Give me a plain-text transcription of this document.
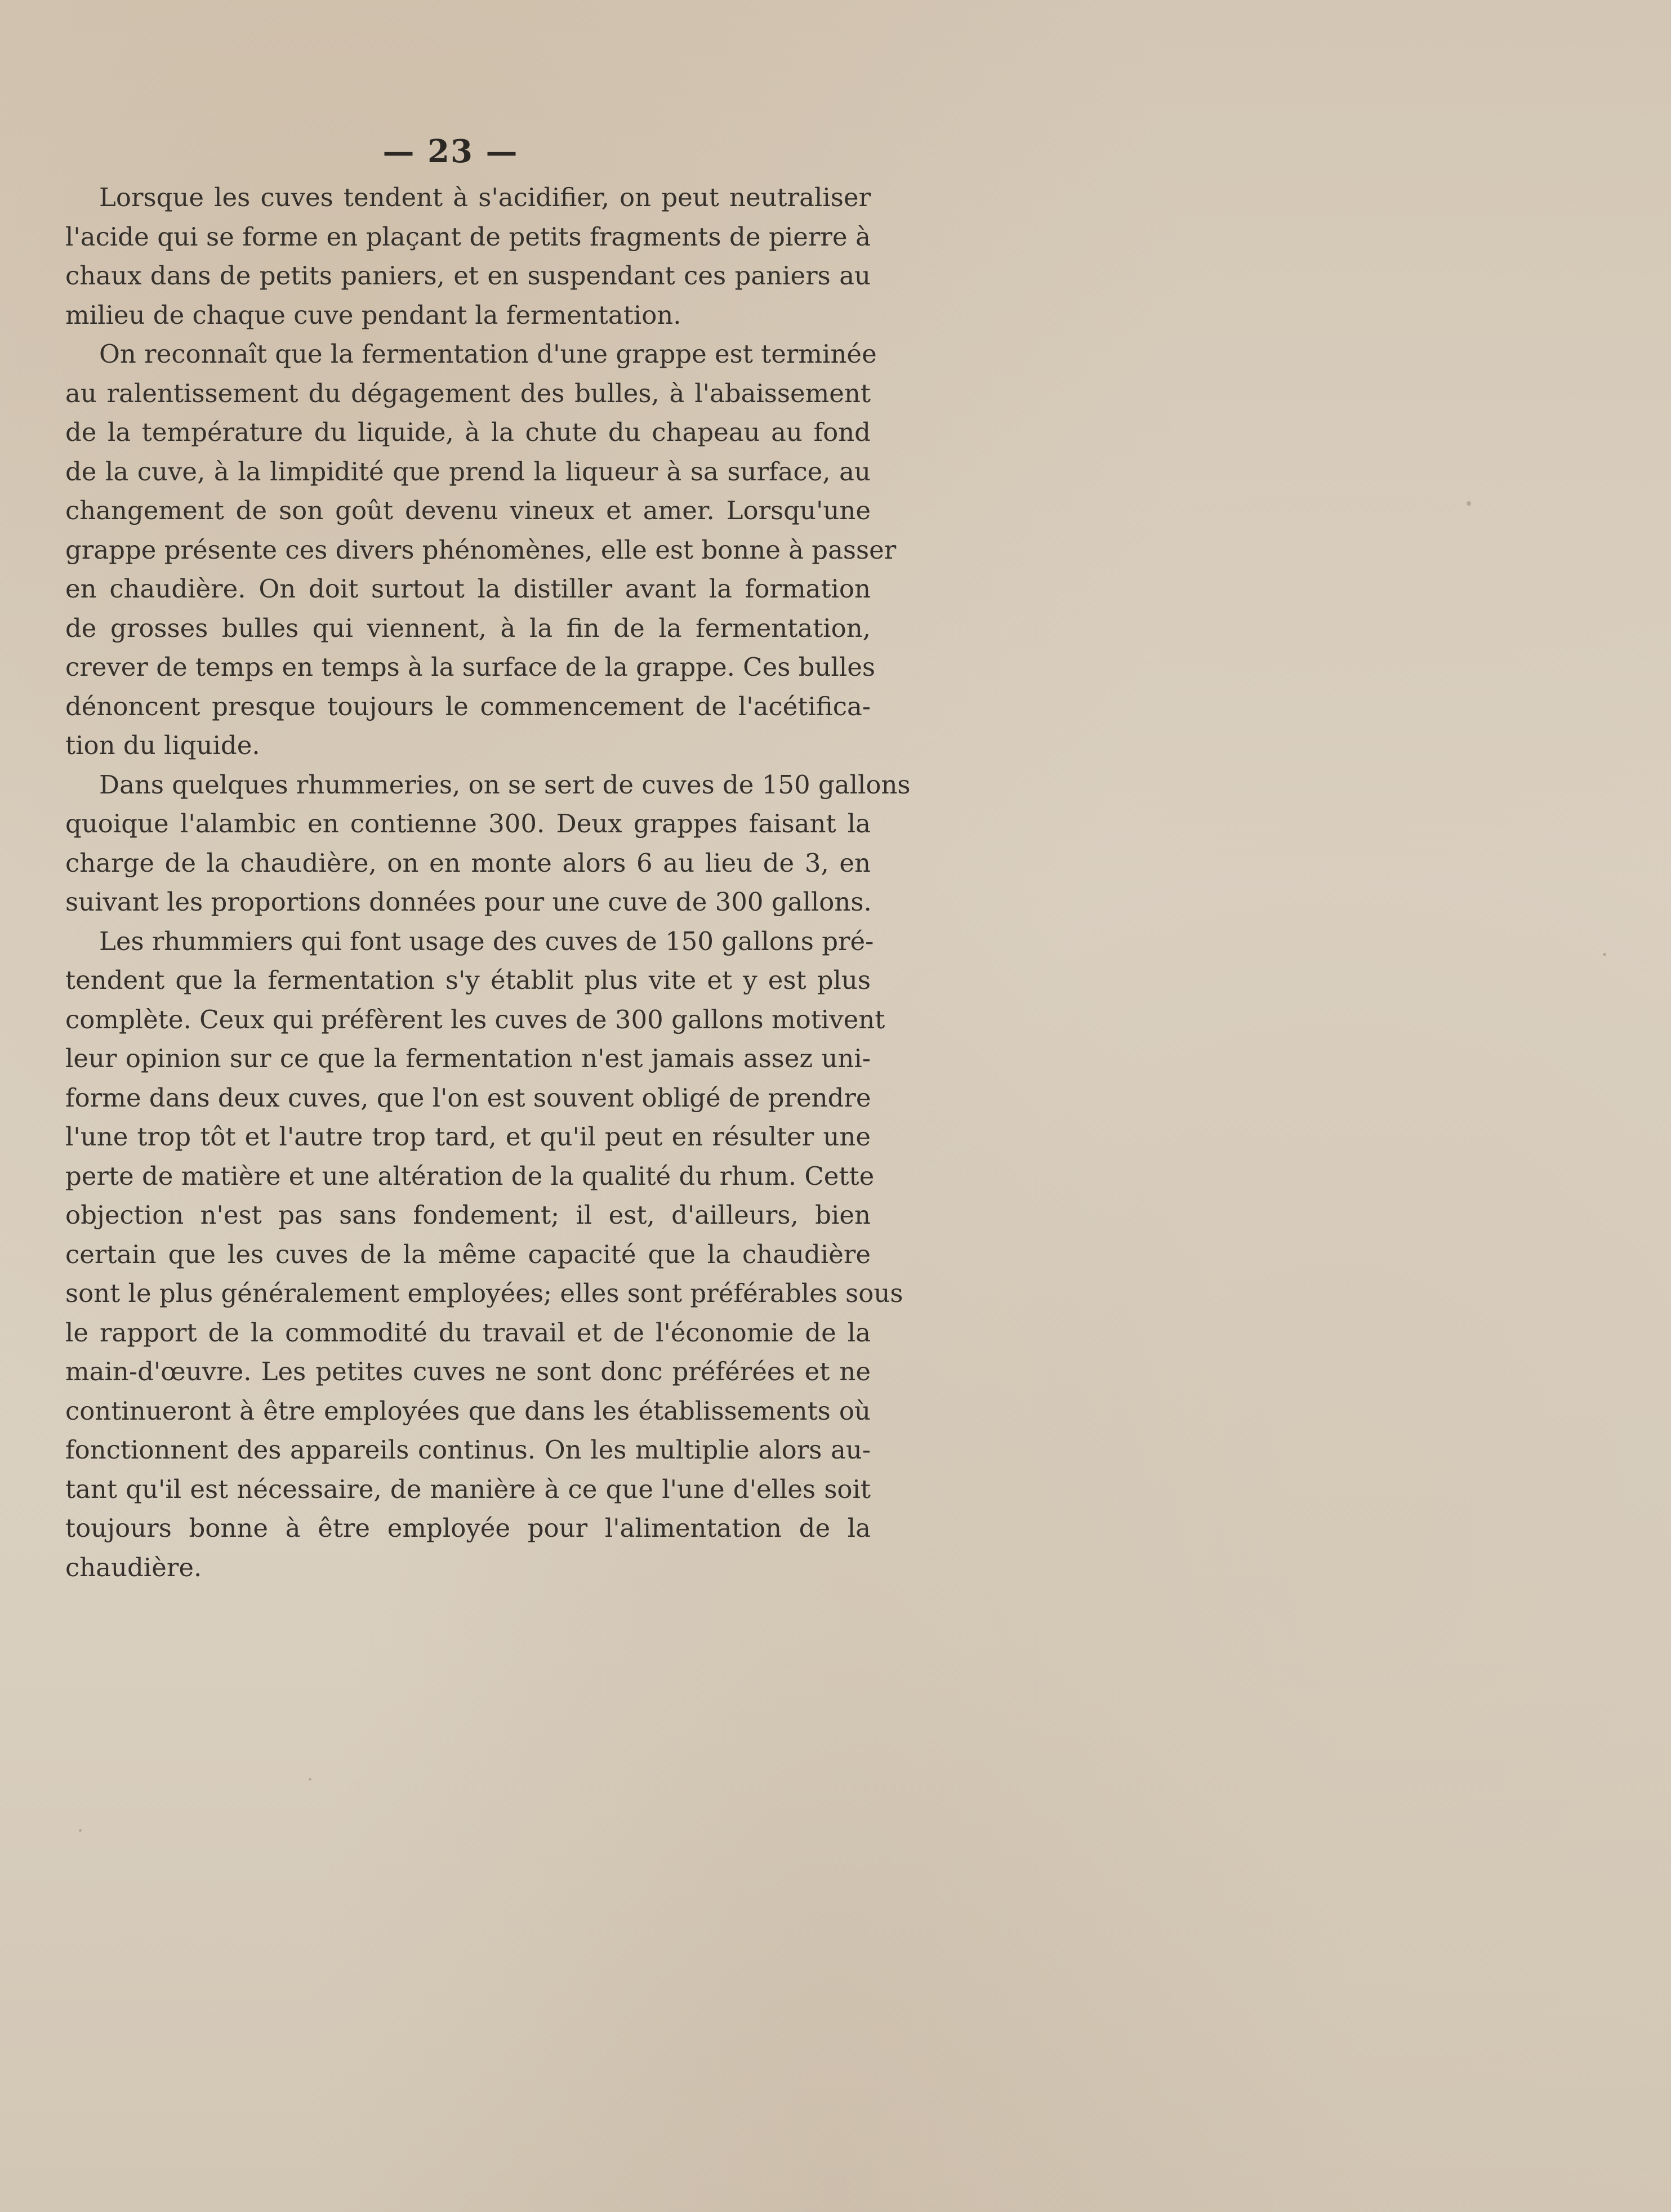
— 23 —
Lorsque les cuves tendent à s'acidifier, on peut neutraliser
l'acide qui se forme en plaçant de petits fragments de pierre à
chaux dans de petits paniers, et en suspendant ces paniers au
milieu de chaque cuve pendant la fermentation.
On reconnaît que la fermentation d'une grappe est terminée
au ralentissement du dégagement des bulles, à l'abaissement
de la température du liquide, à la chute du chapeau au fond
de la cuve, à la limpidité que prend la liqueur à sa surface, au
changement de son goût devenu vineux et amer. Lorsqu'une
grappe présente ces divers phénomènes, elle est bonne à passer
en chaudière. On doit surtout la distiller avant la formation
de grosses bulles qui viennent, à la fin de la fermentation,
crever de temps en temps à la surface de la grappe. Ces bulles
dénoncent presque toujours le commencement de l'acétifica-
tion du liquide.
Dans quelques rhummeries, on se sert de cuves de 150 gallons
quoique l'alambic en contienne 300. Deux grappes faisant la
charge de la chaudière, on en monte alors 6 au lieu de 3, en
suivant les proportions données pour une cuve de 300 gallons.
Les rhummiers qui font usage des cuves de 150 gallons pré-
tendent que la fermentation s'y établit plus vite et y est plus
complète. Ceux qui préfèrent les cuves de 300 gallons motivent
leur opinion sur ce que la fermentation n'est jamais assez uni-
forme dans deux cuves, que l'on est souvent obligé de prendre
l'une trop tôt et l'autre trop tard, et qu'il peut en résulter une
perte de matière et une altération de la qualité du rhum. Cette
objection n'est pas sans fondement; il est, d'ailleurs, bien
certain que les cuves de la même capacité que la chaudière
sont le plus généralement employées; elles sont préférables sous
le rapport de la commodité du travail et de l'économie de la
main-d'œuvre. Les petites cuves ne sont donc préférées et ne
continueront à être employées que dans les établissements où
fonctionnent des appareils continus. On les multiplie alors au-
tant qu'il est nécessaire, de manière à ce que l'une d'elles soit
toujours bonne à être employée pour l'alimentation de la
chaudière.
